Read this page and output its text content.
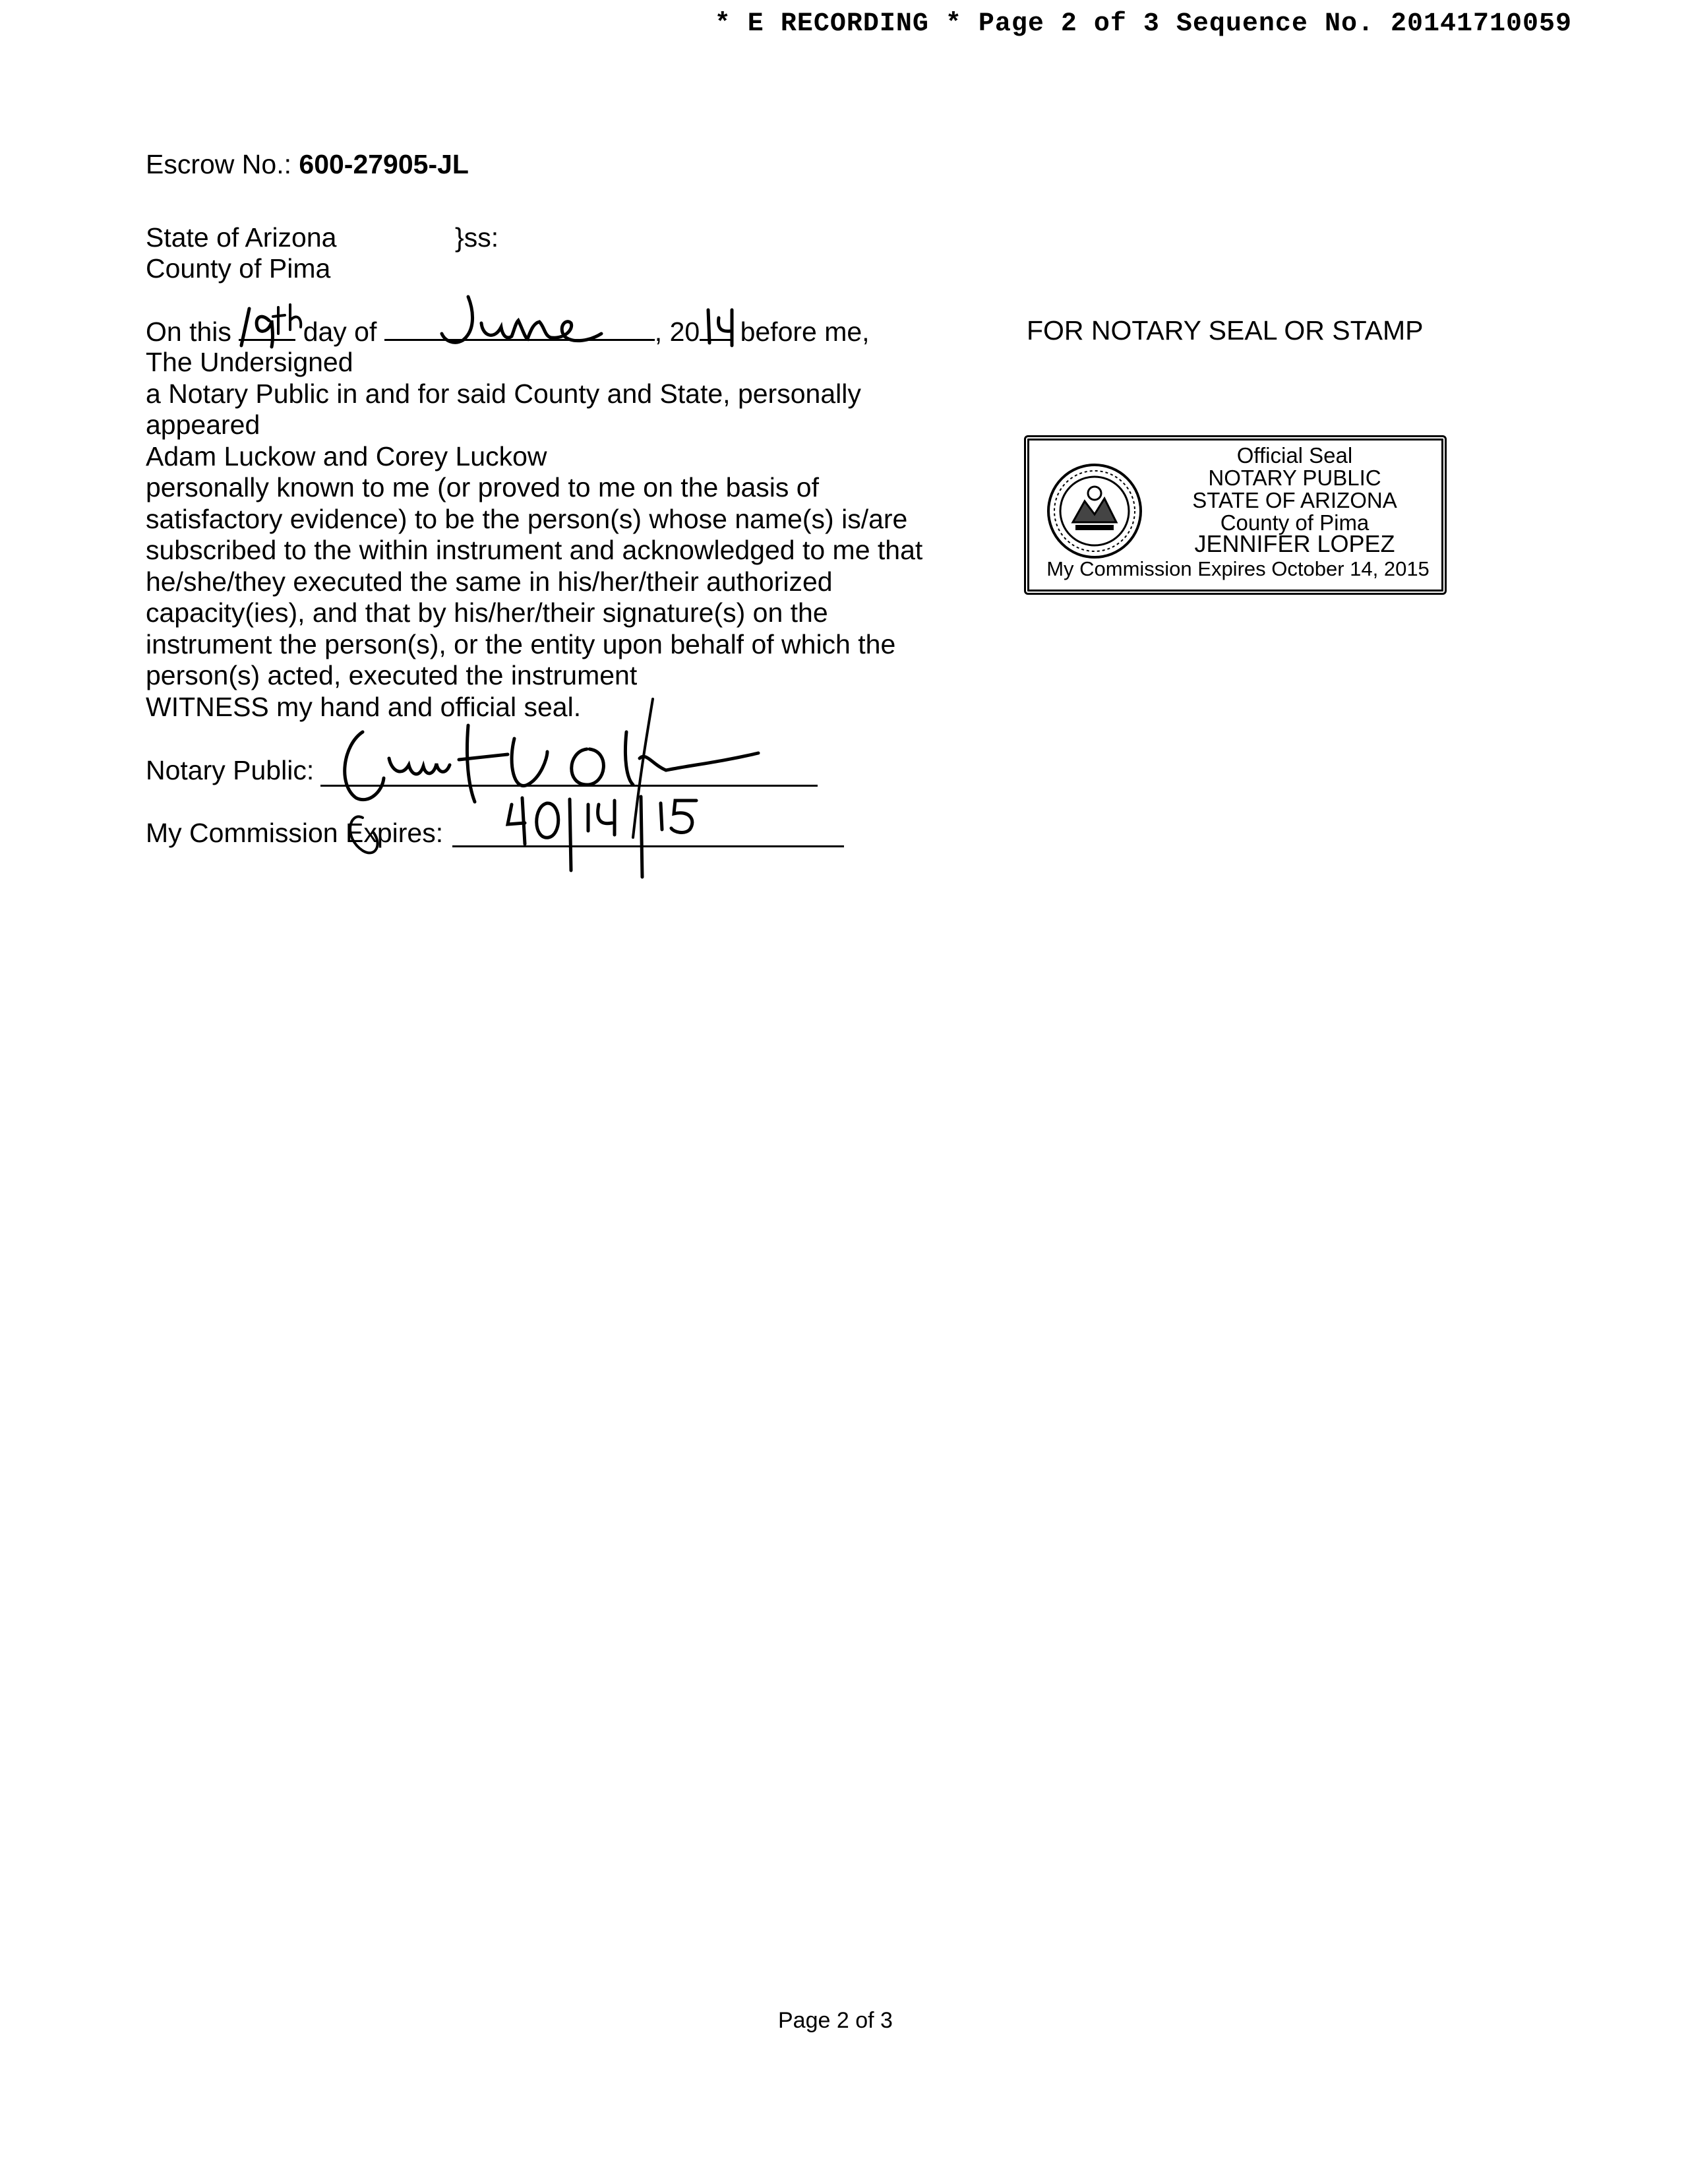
* E RECORDING * Page 2 of 3 Sequence No. 20141710059
Escrow No.: 600-27905-JL
State of Arizona	}ss:
County of Pima
On this  day of	, 20 before me,
The Undersigned
a Notary Public in and for said County and State, personally
appeared
Adam Luckow and Corey Luckow
personally known to me (or proved to me on the basis of
satisfactory evidence) to be the person(s) whose name(s) is/are
subscribed to the within instrument and acknowledged to me that
he/she/they executed the same in his/her/their authorized
capacity(ies), and that by his/her/their signature(s) on the
instrument the person(s), or the entity upon behalf of which the
person(s) acted, executed the instrument
WITNESS my hand and official seal.
Notary Public:
My Commission Expires:
FOR NOTARY SEAL OR STAMP
Official Seal
NOTARY PUBLIC
STATE OF ARIZONA
County of Pima
JENNIFER LOPEZ
My Commission Expires October 14, 2015
Page 2 of 3
